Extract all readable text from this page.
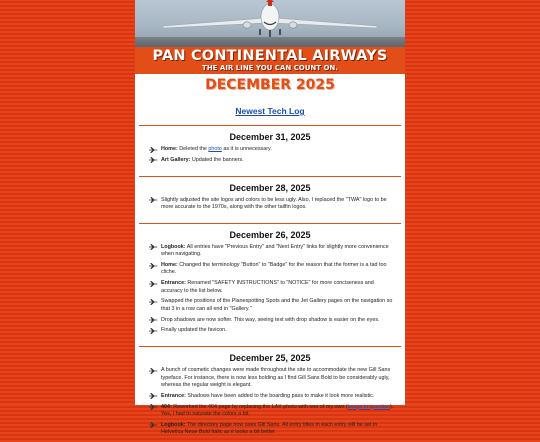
PAN CONTINENTAL AIRWAYS
THE AIR LINE YOU CAN COUNT ON.
DECEMBER 2025
Newest Tech Log
December 31, 2025
Home: Deleted the photo as it is unnecessary.
Art Gallery: Updated the banners.
December 28, 2025
Slightly adjusted the site logos and colors to be less ugly. Also, I replaced the "TWA" logo to be more accurate to the 1970s, along with the other tailfin logos.
December 26, 2025
Logbook: All entries have "Previous Entry" and "Next Entry" links for slightly more convenience when navigating.
Home: Changed the terminology "Button" to "Badge" for the reason that the former is a tad too cliche.
Entrance: Renamed "SAFETY INSTRUCTIONS" to "NOTICE" for more conciseness and accuracy to the list below.
Swapped the positions of the Planespotting Spots and the Jet Gallery pages on the navigation so that 3 in a row can all end in "Gallery."
Drop shadows are now softer. This way, seeing text with drop shadow is easier on the eyes.
Finally updated the favicon.
December 25, 2025
A bunch of cosmetic changes were made throughout the site to accommodate the new Gill Sans typeface. For instance, there is now less bolding as I find Gill Sans Bold to be considerably ugly, whereas the regular weight is elegant.
Entrance: Shadows have been added to the boarding pass to make it look more realistic.
404: Reworked the 404 page by replacing the LAX photo with one of my own (image in question). Yes, I had to saturate the colors a bit.
Logbook: The directory page now uses Gill Sans. All entry titles in each entry will be set in Helvetica Neue Bold Italic as it looks a bit better.
